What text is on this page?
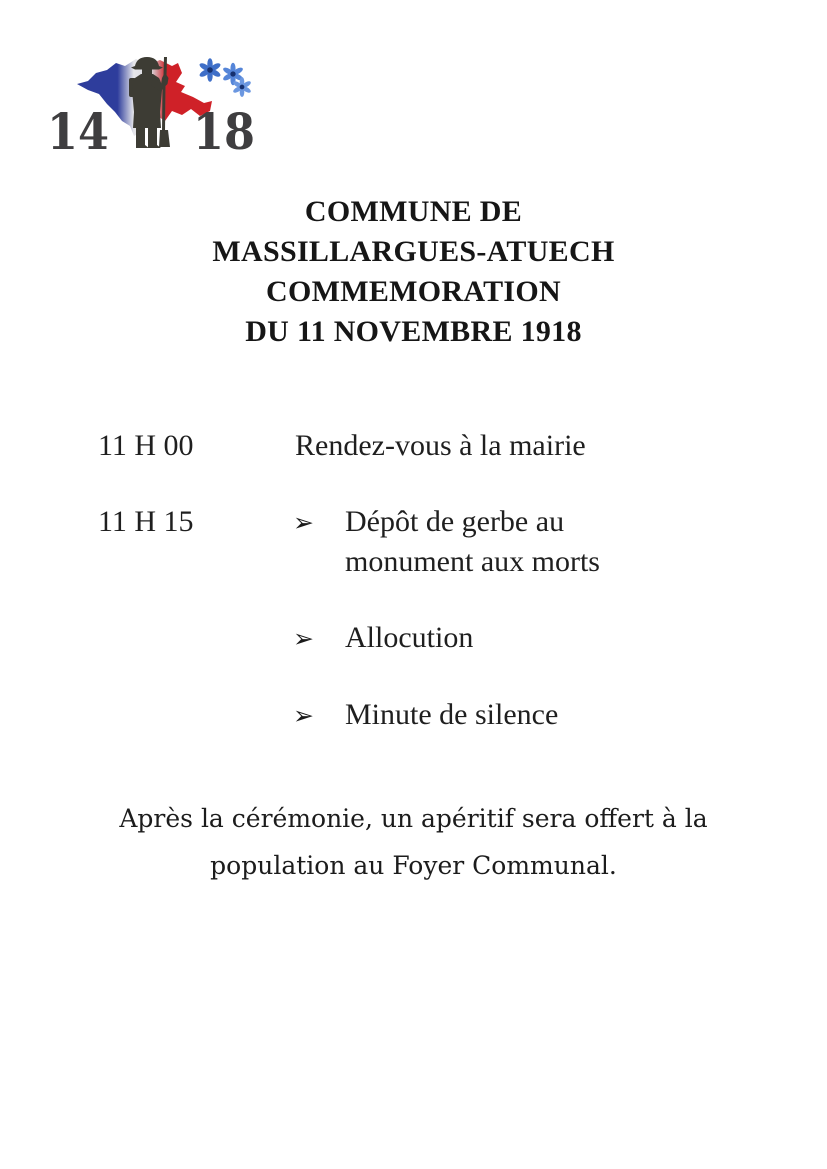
14 18
COMMUNE DE
MASSILLARGUES-ATUECH
COMMEMORATION
DU 11 NOVEMBRE 1918
11 H 00	Rendez-vous à la mairie
11 H 15	➢ Dépôt de gerbe au monument aux morts
➢ Allocution
➢ Minute de silence
Après la cérémonie, un apéritif sera offert à la
population au Foyer Communal.
